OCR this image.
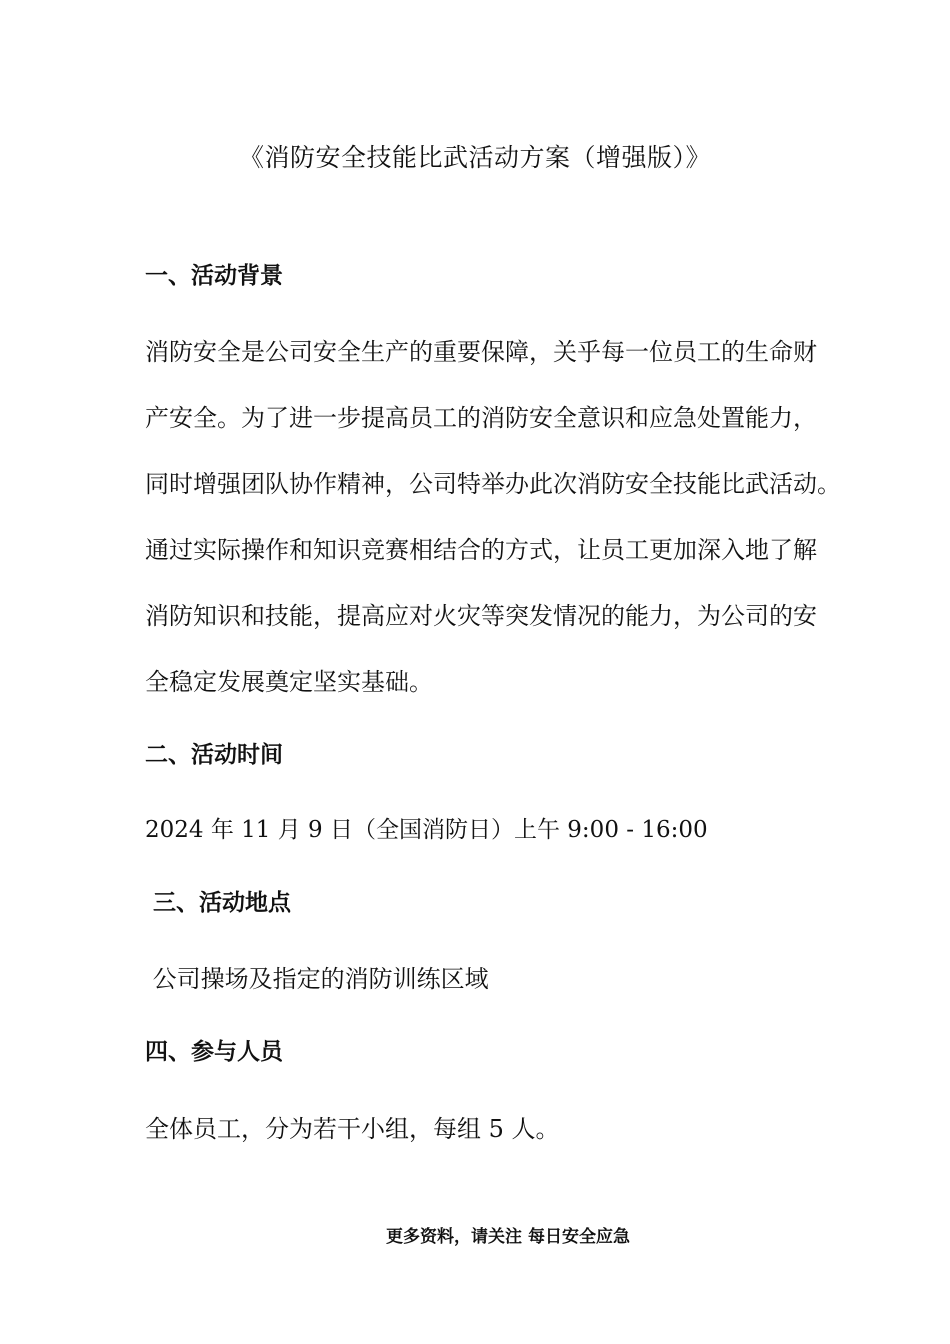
《消防安全技能比武活动方案（增强版）》
一、活动背景
消防安全是公司安全生产的重要保障，关乎每一位员工的生命财
产安全。为了进一步提高员工的消防安全意识和应急处置能力，
同时增强团队协作精神，公司特举办此次消防安全技能比武活动。
通过实际操作和知识竞赛相结合的方式，让员工更加深入地了解
消防知识和技能，提高应对火灾等突发情况的能力，为公司的安
全稳定发展奠定坚实基础。
二、活动时间
2024 年 11 月 9 日（全国消防日）上午 9:00 - 16:00
三、活动地点
公司操场及指定的消防训练区域
四、参与人员
全体员工，分为若干小组，每组 5 人。
更多资料，请关注 每日安全应急
